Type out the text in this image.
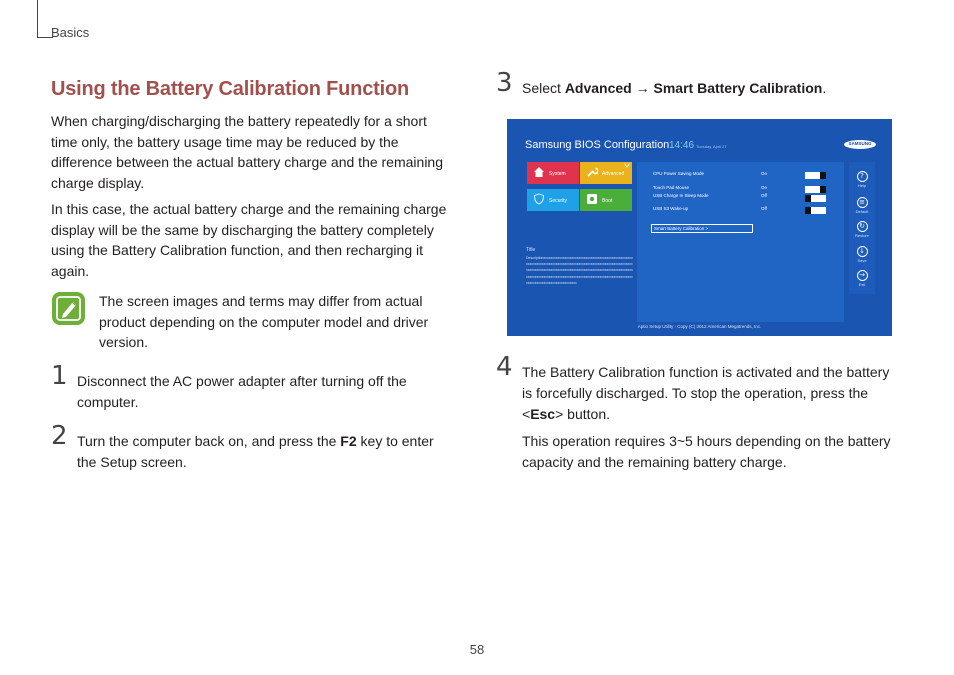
Basics
Using the Battery Calibration Function

When charging/discharging the battery repeatedly for a short time only, the battery usage time may be reduced by the difference between the actual battery charge and the remaining charge display.

In this case, the actual battery charge and the remaining charge display will be the same by discharging the battery completely using the Battery Calibration function, and then recharging it again.

The screen images and terms may differ from actual product depending on the computer model and driver version.

1 Disconnect the AC power adapter after turning off the computer.
2 Turn the computer back on, and press the F2 key to enter the Setup screen.
3 Select Advanced → Smart Battery Calibration.
Samsung BIOS Configuration 14:46 Tuesday, April 27
SAMSUNG
System	Advanced
Security	Boot
Title
Descriptionxxxxxxxxxxxxxxxxxxxxxxxxxxxxxxxxxxxxxxxxxxxxxxxxxxxxxxxxxxxxxxxxxxxxxxxxxxxxxxxxxxxxxxxxxxxxxxxxxxxxxxxxxxxxxxxxxxxxxxxxxxxxxxxxxxxxxxxxxxxxxxxxxxxxxxxxxxxxxxxxxxxxxxxxxxxxxxxxxxxxxxxxxxxxxxxxxxxxxxxxxxxxxxxxxxxxxxxxxxxxxxxxxxxxxxxxxxxxxxxxxxxxxxxxxxxxxxxxxxxxxxx
CPU Power Saving Mode	On
Touch Pad Mouse	On
USB Charge In Sleep Mode	Off
USB S3 Wake-up	Off
Smart Battery Calibration >
?
Help
≡
Default
↻
Restore
↓
Save
→
Exit
Aptio Setup Utility - Copy (C) 2012 American Megatrends, Inc.
4 The Battery Calibration function is activated and the battery is forcefully discharged. To stop the operation, press the <Esc> button.

This operation requires 3~5 hours depending on the battery capacity and the remaining battery charge.

58
